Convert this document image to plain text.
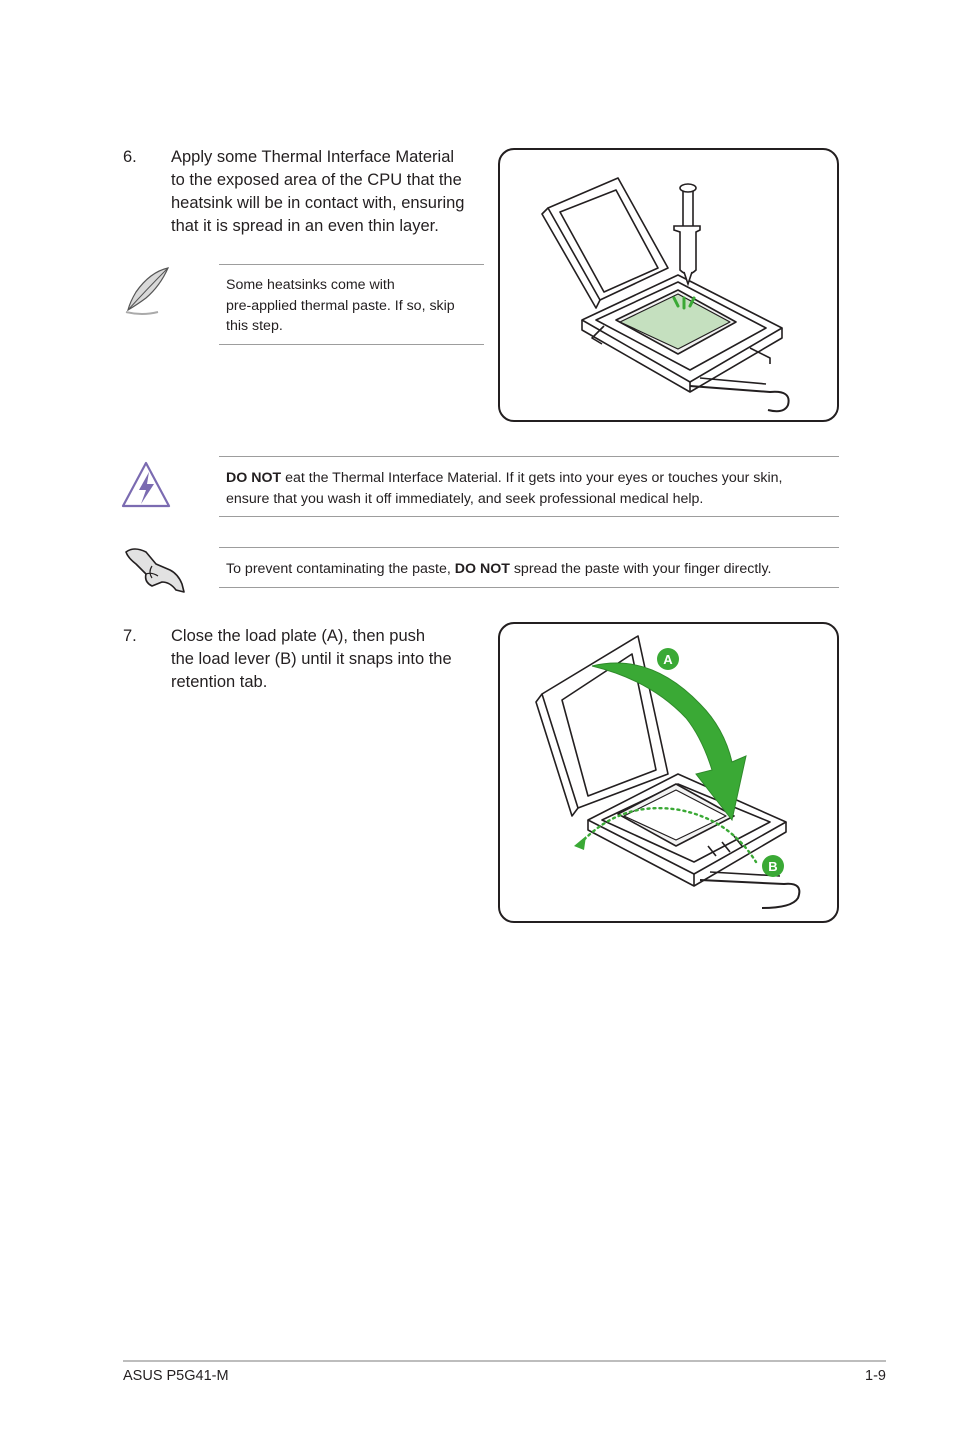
6. Apply some Thermal Interface Material
to the exposed area of the CPU that the
heatsink will be in contact with, ensuring
that it is spread in an even thin layer.
Some heatsinks come with
pre-applied thermal paste. If so, skip
this step.
DO NOT eat the Thermal Interface Material. If it gets into your eyes or touches your skin,
ensure that you wash it off immediately, and seek professional medical help.
To prevent contaminating the paste, DO NOT spread the paste with your finger directly.
7. Close the load plate (A), then push
the load lever (B) until it snaps into the
retention tab.
A
B
ASUS P5G41-M	1-9
